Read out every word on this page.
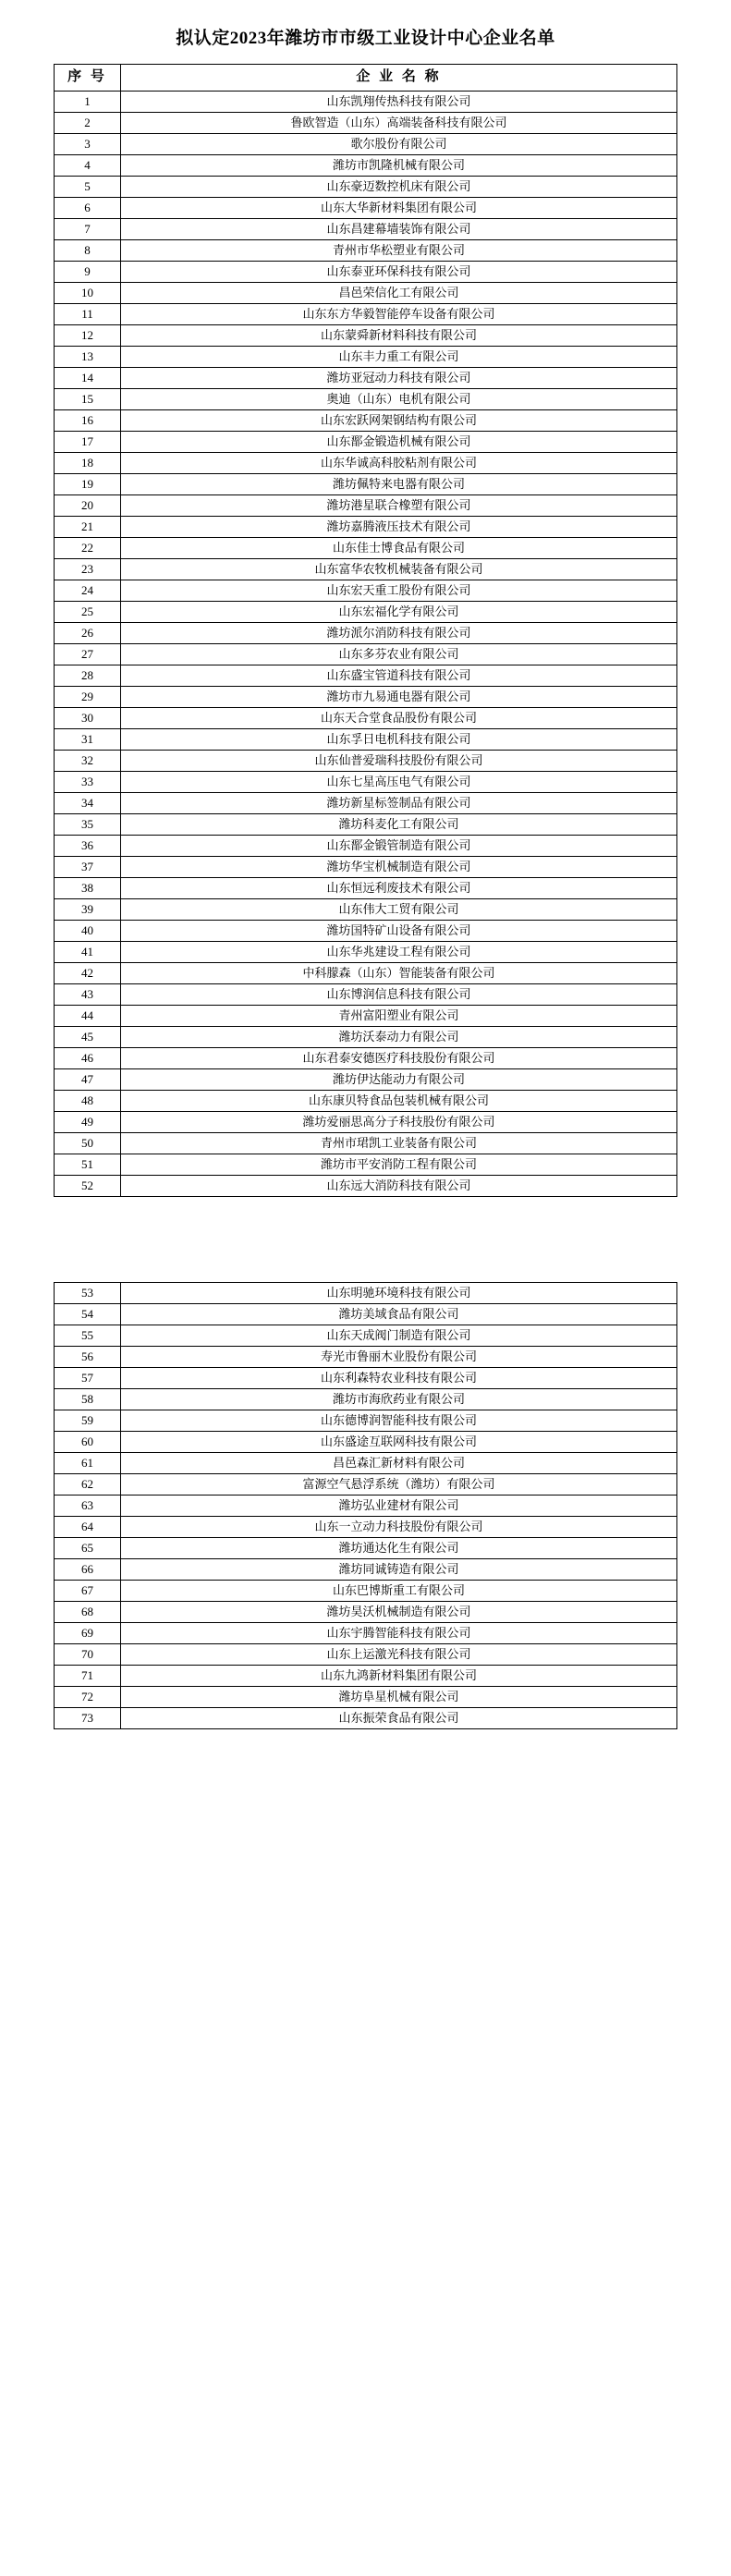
拟认定2023年潍坊市市级工业设计中心企业名单
序 号	企 业 名 称
1	山东凯翔传热科技有限公司
2	鲁欧智造（山东）高端装备科技有限公司
3	歌尔股份有限公司
4	潍坊市凯隆机械有限公司
5	山东豪迈数控机床有限公司
6	山东大华新材料集团有限公司
7	山东昌建幕墙装饰有限公司
8	青州市华松塑业有限公司
9	山东泰亚环保科技有限公司
10	昌邑荣信化工有限公司
11	山东东方华毅智能停车设备有限公司
12	山东蒙舜新材料科技有限公司
13	山东丰力重工有限公司
14	潍坊亚冠动力科技有限公司
15	奥迪（山东）电机有限公司
16	山东宏跃网架钢结构有限公司
17	山东鄑金锻造机械有限公司
18	山东华诚高科胶粘剂有限公司
19	潍坊佩特来电器有限公司
20	潍坊港星联合橡塑有限公司
21	潍坊嘉腾液压技术有限公司
22	山东佳士博食品有限公司
23	山东富华农牧机械装备有限公司
24	山东宏天重工股份有限公司
25	山东宏福化学有限公司
26	潍坊派尔消防科技有限公司
27	山东多芬农业有限公司
28	山东盛宝管道科技有限公司
29	潍坊市九易通电器有限公司
30	山东天合堂食品股份有限公司
31	山东孚日电机科技有限公司
32	山东仙普爱瑞科技股份有限公司
33	山东七星高压电气有限公司
34	潍坊新星标签制品有限公司
35	潍坊科麦化工有限公司
36	山东鄑金锻管制造有限公司
37	潍坊华宝机械制造有限公司
38	山东恒远利废技术有限公司
39	山东伟大工贸有限公司
40	潍坊国特矿山设备有限公司
41	山东华兆建设工程有限公司
42	中科朦森（山东）智能装备有限公司
43	山东博润信息科技有限公司
44	青州富阳塑业有限公司
45	潍坊沃泰动力有限公司
46	山东君泰安德医疗科技股份有限公司
47	潍坊伊达能动力有限公司
48	山东康贝特食品包装机械有限公司
49	潍坊爱丽思高分子科技股份有限公司
50	青州市珺凯工业装备有限公司
51	潍坊市平安消防工程有限公司
52	山东远大消防科技有限公司
53	山东明驰环境科技有限公司
54	潍坊美域食品有限公司
55	山东天成阀门制造有限公司
56	寿光市鲁丽木业股份有限公司
57	山东利森特农业科技有限公司
58	潍坊市海欣药业有限公司
59	山东德博润智能科技有限公司
60	山东盛途互联网科技有限公司
61	昌邑森汇新材料有限公司
62	富源空气悬浮系统（潍坊）有限公司
63	潍坊弘业建材有限公司
64	山东一立动力科技股份有限公司
65	潍坊通达化生有限公司
66	潍坊同诚铸造有限公司
67	山东巴博斯重工有限公司
68	潍坊昊沃机械制造有限公司
69	山东宇腾智能科技有限公司
70	山东上运激光科技有限公司
71	山东九鸿新材料集团有限公司
72	潍坊阜星机械有限公司
73	山东振荣食品有限公司
